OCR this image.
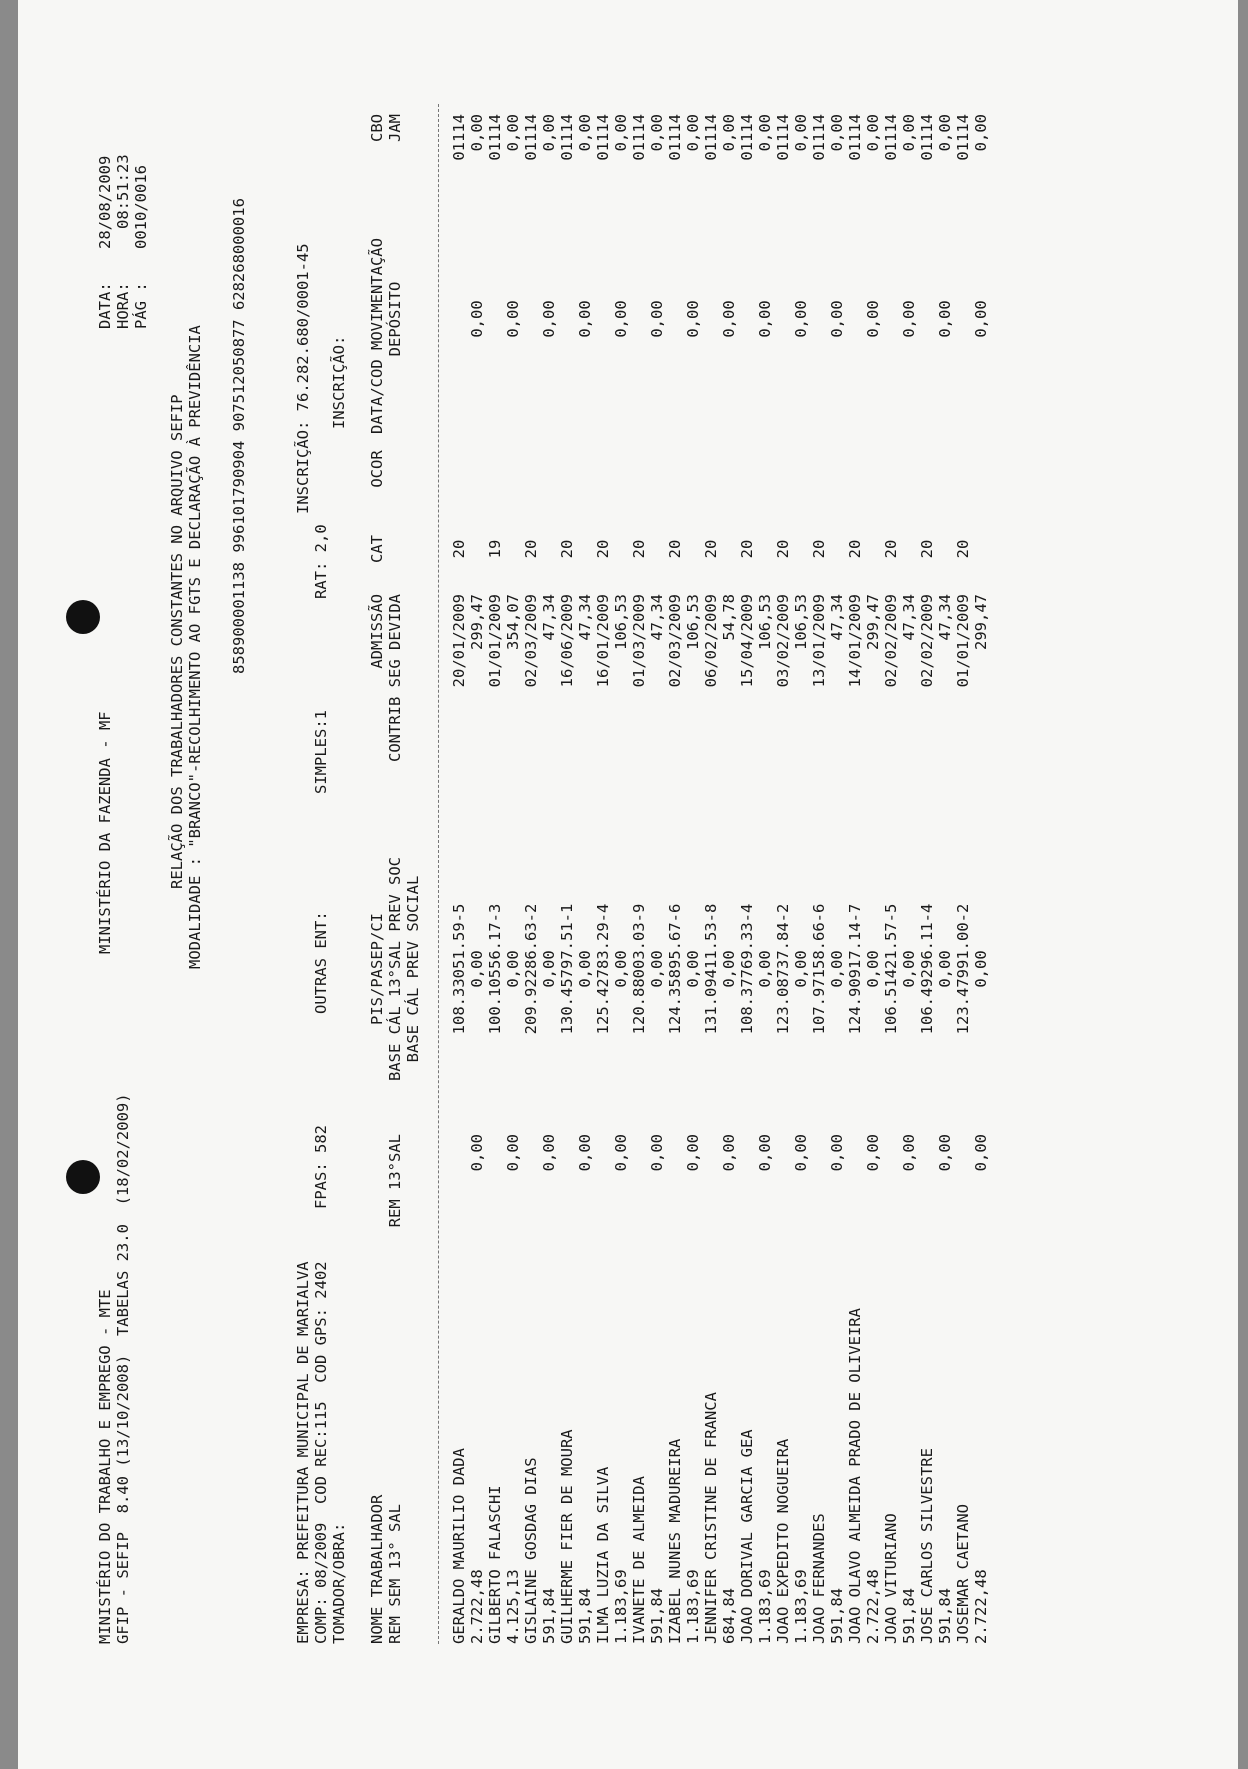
MINISTÉRIO DO TRABALHO E EMPREGO - MTE GFIP - SEFIP  8.40 (13/10/2008)  TABELAS 23.0  (18/02/2009)
MINISTÉRIO DA FAZENDA - MF
DATA:
28/08/2009
HORA:
08:51:23
PÁG :
0010/0016
RELAÇÃO DOS TRABALHADORES CONSTANTES NO ARQUIVO SEFIP MODALIDADE : "BRANCO"-RECOLHIMENTO AO FGTS E DECLARAÇÃO À PREVIDÊNCIA 858900001138 996101790904 907512050877 628268000016
EMPRESA: PREFEITURA MUNICIPAL DE MARIALVA
INSCRIÇÃO: 76.282.680/0001-45
COMP: 08/2009  COD REC:115  COD GPS: 2402
FPAS: 582
OUTRAS ENT:
SIMPLES:1
RAT: 2,0
TOMADOR/OBRA:
INSCRIÇÃO:
NOME TRABALHADOR		PIS/PASEP/CI	ADMISSÃO	CAT	OCOR	DATA/COD MOVIMENTAÇÃO	CBO
REM SEM 13° SAL	REM 13°SAL	BASE CÁL 13°SAL PREV SOC	CONTRIB SEG DEVIDA			DEPÓSITO	JAM
		BASE CÁL PREV SOCIAL					
GERALDO MAURILIO DADA		108.33051.59-5	20/01/2009	20			01114
2.722,48	0,00	0,00	299,47			0,00	0,00
GILBERTO FALASCHI		100.10556.17-3	01/01/2009	19			01114
4.125,13	0,00	0,00	354,07			0,00	0,00
GISLAINE GOSDAG DIAS		209.92286.63-2	02/03/2009	20			01114
591,84	0,00	0,00	47,34			0,00	0,00
GUILHERME FIER DE MOURA		130.45797.51-1	16/06/2009	20			01114
591,84	0,00	0,00	47,34			0,00	0,00
ILMA LUZIA DA SILVA		125.42783.29-4	16/01/2009	20			01114
1.183,69	0,00	0,00	106,53			0,00	0,00
IVANETE DE ALMEIDA		120.88003.03-9	01/03/2009	20			01114
591,84	0,00	0,00	47,34			0,00	0,00
IZABEL NUNES MADUREIRA		124.35895.67-6	02/03/2009	20			01114
1.183,69	0,00	0,00	106,53			0,00	0,00
JENNIFER CRISTINE DE FRANCA		131.09411.53-8	06/02/2009	20			01114
684,84	0,00	0,00	54,78			0,00	0,00
JOAO DORIVAL GARCIA GEA		108.37769.33-4	15/04/2009	20			01114
1.183,69	0,00	0,00	106,53			0,00	0,00
JOAO EXPEDITO NOGUEIRA		123.08737.84-2	03/02/2009	20			01114
1.183,69	0,00	0,00	106,53			0,00	0,00
JOAO FERNANDES		107.97158.66-6	13/01/2009	20			01114
591,84	0,00	0,00	47,34			0,00	0,00
JOAO OLAVO ALMEIDA PRADO DE OLIVEIRA		124.90917.14-7	14/01/2009	20			01114
2.722,48	0,00	0,00	299,47			0,00	0,00
JOAO VITURIANO		106.51421.57-5	02/02/2009	20			01114
591,84	0,00	0,00	47,34			0,00	0,00
JOSE CARLOS SILVESTRE		106.49296.11-4	02/02/2009	20			01114
591,84	0,00	0,00	47,34			0,00	0,00
JOSEMAR CAETANO		123.47991.00-2	01/01/2009	20			01114
2.722,48	0,00	0,00	299,47			0,00	0,00
